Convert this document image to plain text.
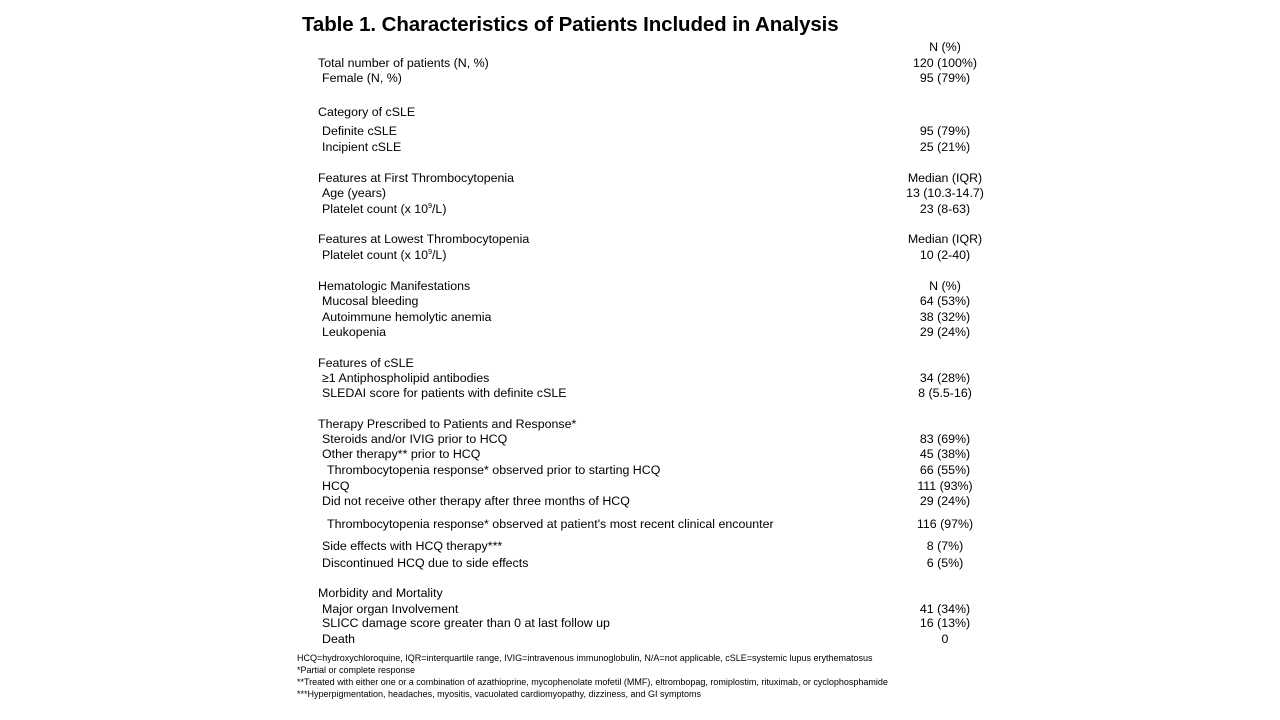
Table 1. Characteristics of Patients Included in Analysis
N (%)
Total number of patients (N, %)	120 (100%)
Female (N, %)	95 (79%)
Category of cSLE
Definite cSLE	95 (79%)
Incipient cSLE	25 (21%)
Features at First Thrombocytopenia	Median (IQR)
Age (years)	13 (10.3-14.7)
Platelet count (x $10^9/L$)	23 (8-63)
Features at Lowest Thrombocytopenia	Median (IQR)
Platelet count (x $10^9/L$)	10 (2-40)
Hematologic Manifestations	N (%)
Mucosal bleeding	64 (53%)
Autoimmune hemolytic anemia	38 (32%)
Leukopenia	29 (24%)
Features of cSLE
≥1 Antiphospholipid antibodies	34 (28%)
SLEDAI score for patients with definite cSLE	8 (5.5-16)
Therapy Prescribed to Patients and Response*
Steroids and/or IVIG prior to HCQ	83 (69%)
Other therapy** prior to HCQ	45 (38%)
Thrombocytopenia response* observed prior to starting HCQ	66 (55%)
HCQ	111 (93%)
Did not receive other therapy after three months of HCQ	29 (24%)
Thrombocytopenia response* observed at patient's most recent clinical encounter	116 (97%)
Side effects with HCQ therapy***	8 (7%)
Discontinued HCQ due to side effects	6 (5%)
Morbidity and Mortality
Major organ Involvement	41 (34%)
SLICC damage score greater than 0 at last follow up	16 (13%)
Death	0
HCQ=hydroxychloroquine, IQR=interquartile range, IVIG=intravenous immunoglobulin, N/A=not applicable, cSLE=systemic lupus erythematosus
*Partial or complete response
**Treated with either one or a combination of azathioprine, mycophenolate mofetil (MMF), eltrombopag, romiplostim, rituximab, or cyclophosphamide
***Hyperpigmentation, headaches, myositis, vacuolated cardiomyopathy, dizziness, and GI symptoms
